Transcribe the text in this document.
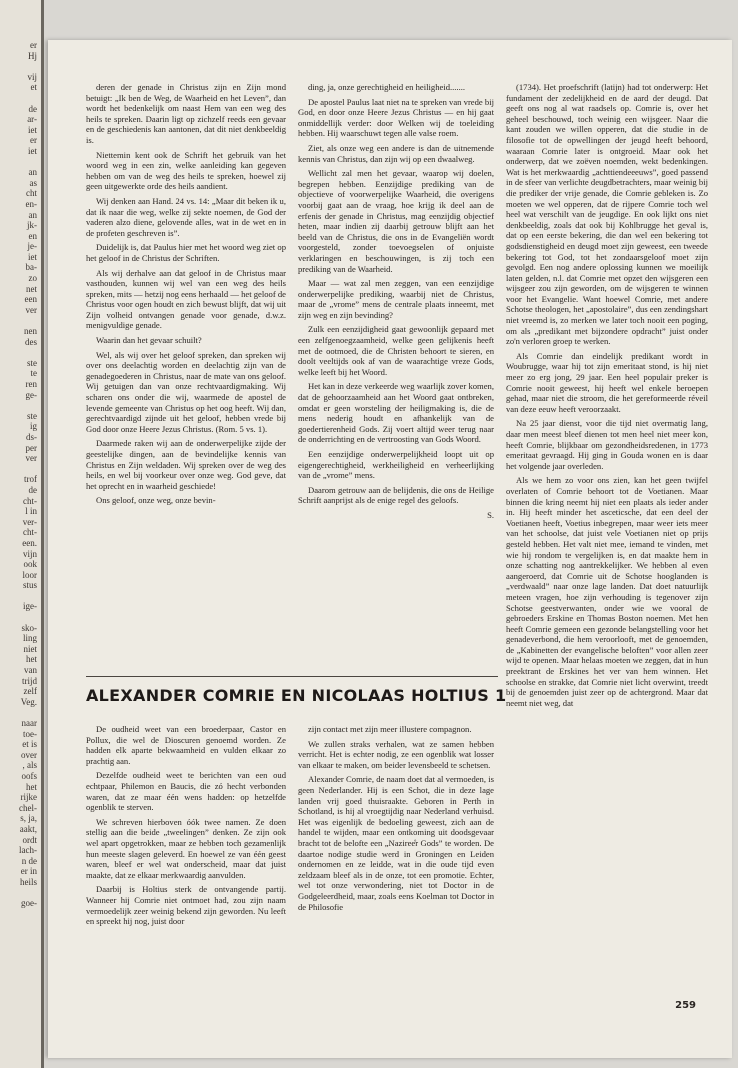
er
Hj

vij
et

de
ar-
iet
er
iet

an
as
cht
en-
an
jk-
en
je-
iet
ba-
zo
net
een
ver

nen
des

ste
te
ren
ge-

ste
ig
ds-
per
ver

trof
de
cht-
l in
ver-
cht-
een.
vijn
ook
loor
stus

ige-

sko-
ling
niet
het
van
trijd
zelf
Veg.

naar
toe-
et is
over
, als
oofs
het
rijke
chel-
s, ja,
aakt,
ordt
lach-
n de
er in
heils

goe-

deren der genade in Christus zijn en Zijn mond betuigt: „Ik ben de Weg, de Waarheid en het Leven”, dan wordt het bedenkelijk om naast Hem van een weg des heils te spreken. Daarin ligt op zichzelf reeds een gevaar en de geschiedenis kan aantonen, dat dit niet denkbeeldig is.

Niettemin kent ook de Schrift het gebruik van het woord weg in een zin, welke aanleiding kan gegeven hebben om van de weg des heils te spreken, hoewel zij geen uitgewerkte orde des heils aandient.

Wij denken aan Hand. 24 vs. 14: „Maar dit beken ik u, dat ik naar die weg, welke zij sekte noemen, de God der vaderen alzo diene, gelovende alles, wat in de wet en in de profeten geschreven is”.

Duidelijk is, dat Paulus hier met het woord weg ziet op het geloof in de Christus der Schriften.

Als wij derhalve aan dat geloof in de Christus maar vasthouden, kunnen wij wel van een weg des heils spreken, mits — hetzij nog eens herhaald — het geloof de Christus voor ogen houdt en zich bewust blijft, dat wij uit Zijn volheid ontvangen genade voor genade, d.w.z. menigvuldige genade.

Waarin dan het gevaar schuilt?

Wel, als wij over het geloof spreken, dan spreken wij over ons deelachtig worden en deelachtig zijn van de genadegoederen in Christus, naar de mate van ons geloof. Wij getuigen dan van onze rechtvaardigmaking. Wij scharen ons onder die wij, waarmede de apostel de levende gemeente van Christus op het oog heeft. Wij dan, gerechtvaardigd zijnde uit het geloof, hebben vrede bij God door onze Heere Jezus Christus. (Rom. 5 vs. 1).

Daarmede raken wij aan de onderwerpelijke zijde der geestelijke dingen, aan de bevindelijke kennis van Christus en Zijn weldaden. Wij spreken over de weg des heils, en wel bij voorkeur over onze weg. God geve, dat het oprecht en in waarheid geschiede!

Ons geloof, onze weg, onze bevin-

ding, ja, onze gerechtigheid en heiligheid.......

De apostel Paulus laat niet na te spreken van vrede bij God, en door onze Heere Jezus Christus — en hij gaat onmiddellijk verder: door Welken wij de toeleiding hebben. Hij waarschuwt tegen alle valse roem.

Ziet, als onze weg een andere is dan de uitnemende kennis van Christus, dan zijn wij op een dwaalweg.

Wellicht zal men het gevaar, waarop wij doelen, begrepen hebben. Eenzijdige prediking van de objectieve of voorwerpelijke Waarheid, die overigens voorbij gaat aan de vraag, hoe krijg ik deel aan de erfenis der genade in Christus, mag eenzijdig objectief heten, maar indien zij daarbij getrouw blijft aan het beeld van de Christus, die ons in de Evangeliën wordt voorgesteld, zonder toevoegselen of onjuiste verklaringen en beschouwingen, is zij toch een prediking van de Waarheid.

Maar — wat zal men zeggen, van een eenzijdige onderwerpelijke prediking, waarbij niet de Christus, maar de „vrome” mens de centrale plaats inneemt, met zijn weg en zijn bevinding?

Zulk een eenzijdigheid gaat gewoonlijk gepaard met een zelfgenoegzaamheid, welke geen gelijkenis heeft met de ootmoed, die de Christen behoort te sieren, en doolt veeltijds ook af van de waarachtige vreze Gods, welke leeft bij het Woord.

Het kan in deze verkeerde weg waarlijk zover komen, dat de gehoorzaamheid aan het Woord gaat ontbreken, omdat er geen worsteling der heiligmaking is, die de mens nederig houdt en afhankelijk van de goedertierenheid Gods. Zij voert altijd weer terug naar de onderrichting en de vertroosting van Gods Woord.

Een eenzijdige onderwerpelijkheid loopt uit op eigengerechtigheid, werkheiligheid en verheerlijking van de „vrome” mens.

Daarom getrouw aan de belijdenis, die ons de Heilige Schrift aanprijst als de enige regel des geloofs.

S.

(1734). Het proefschrift (latijn) had tot onderwerp: Het fundament der zedelijkheid en de aard der deugd. Dat geeft ons nog al wat raadsels op. Comrie is, over het geheel beschouwd, toch weinig een wijsgeer. Naar die kant zouden we willen opperen, dat die studie in de filosofie tot de opwellingen der jeugd heeft behoord, waaraan Comrie later is ontgroeid. Maar ook het onderwerp, dat we zoëven noemden, wekt bedenkingen. Wat is het merkwaardig „achttiendeeeuws”, goed passend in de sfeer van verlichte deugdbetrachters, maar weinig bij die prediker der vrije genade, die Comrie gebleken is. Zo moeten we wel opperen, dat de rijpere Comrie toch wel heel wat verschilt van de jeugdige. En ook lijkt ons niet denkbeeldig, zoals dat ook bij Kohlbrugge het geval is, dat op een eerste bekering, die dan wel een bekering tot godsdienstigheid en deugd moet zijn geweest, een tweede bekering tot God, tot het zondaarsgeloof moet zijn gevolgd. Een nog andere oplossing kunnen we moeilijk laten gelden, n.l. dat Comrie met opzet den wijsgeren een wijsgeer zou zijn geworden, om de wijsgeren te winnen voor het Evangelie. Want hoewel Comrie, met andere Schotse theologen, het „apostolaire”, dus een zendingshart niet vreemd is, zo merken we later toch nooit een poging, om als „predikant met bijzondere opdracht” juist onder zo'n verloren groep te werken.

Als Comrie dan eindelijk predikant wordt in Woubrugge, waar hij tot zijn emeritaat stond, is hij niet meer zo erg jong, 29 jaar. Een heel populair preker is Comrie nooit geweest, hij heeft wel enkele beroepen gehad, maar niet die stroom, die het gereformeerde réveil van deze eeuw heeft veroorzaakt.

Na 25 jaar dienst, voor die tijd niet overmatig lang, daar men meest bleef dienen tot men heel niet meer kon, heeft Comrie, blijkbaar om gezondheidsredenen, in 1773 emeritaat gevraagd. Hij ging in Gouda wonen en is daar het volgende jaar overleden.

Als we hem zo voor ons zien, kan het geen twijfel overlaten of Comrie behoort tot de Voetianen. Maar binnen die kring neemt hij niet een plaats als ieder ander in. Hij heeft minder het asceticsche, dat een deel der Voetianen heeft, Voetius inbegrepen, maar weer iets meer van het schoolse, dat juist vele Voetianen niet op prijs gesteld hebben. Het valt niet mee, iemand te vinden, met wie hij rondom te vergelijken is, en dat maakte hem in onze schatting nog aantrekkelijker. We hebben al even aangeroerd, dat Comrie uit de Schotse hooglanden is „verdwaald” naar onze lage landen. Dat doet natuurlijk meteen vragen, hoe zijn verhouding is tegenover zijn Schotse geestverwanten, onder wie we vooral de gebroeders Erskine en Thomas Boston noemen. Met hen heeft Comrie gemeen een gezonde belangstelling voor het genadeverbond, die hem veroorlooft, met de genoemden, de „Kabinetten der evangelische beloften” voor allen zeer wijd te openen. Maar helaas moeten we zeggen, dat in hun preektrant de Erskines het ver van hem winnen. Het schoolse en strakke, dat Comrie niet licht overwint, treedt bij de genoemden juist zeer op de achtergrond. Maar dat neemt niet weg, dat

ALEXANDER COMRIE EN NICOLAAS HOLTIUS 1

De oudheid weet van een broederpaar, Castor en Pollux, die wel de Dioscuren genoemd worden. Ze hadden elk aparte bekwaamheid en vulden elkaar zo prachtig aan.

Dezelfde oudheid weet te berichten van een oud echtpaar, Philemon en Baucis, die zó hecht verbonden waren, dat ze maar één wens hadden: op hetzelfde ogenblik te sterven.

We schreven hierboven óók twee namen. Ze doen stellig aan die beide „tweelingen” denken. Ze zijn ook wel apart opgetrokken, maar ze hebben toch gezamenlijk hun meeste slagen geleverd. En hoewel ze van één geest waren, bleef er wel wat onderscheid, maar dat juist maakte, dat ze elkaar merkwaardig aanvulden.

Daarbij is Holtius sterk de ontvangende partij. Wanneer hij Comrie niet ontmoet had, zou zijn naam vermoedelijk zeer weinig bekend zijn geworden. Nu leeft en spreekt hij nog, juist door

zijn contact met zijn meer illustere compagnon.

We zullen straks verhalen, wat ze samen hebben verricht. Het is echter nodig, ze een ogenblik wat losser van elkaar te maken, om beider levensbeeld te schetsen.

Alexander Comrie, de naam doet dat al vermoeden, is geen Nederlander. Hij is een Schot, die in deze lage landen vrij goed thuisraakte. Geboren in Perth in Schotland, is hij al vroegtijdig naar Nederland verhuisd. Het was eigenlijk de bedoeling geweest, zich aan de handel te wijden, maar een ontkoming uit doodsgevaar bracht tot de belofte een „Naziree̊r Gods” te worden. De daartoe nodige studie werd in Groningen en Leiden ondernomen en ze leidde, wat in die oude tijd even zeldzaam bleef als in de onze, tot een promotie. Echter, wel tot onze verwondering, niet tot Doctor in de Godgeleerdheid, maar, zoals eens Koelman tot Doctor in de Philosofie

259
